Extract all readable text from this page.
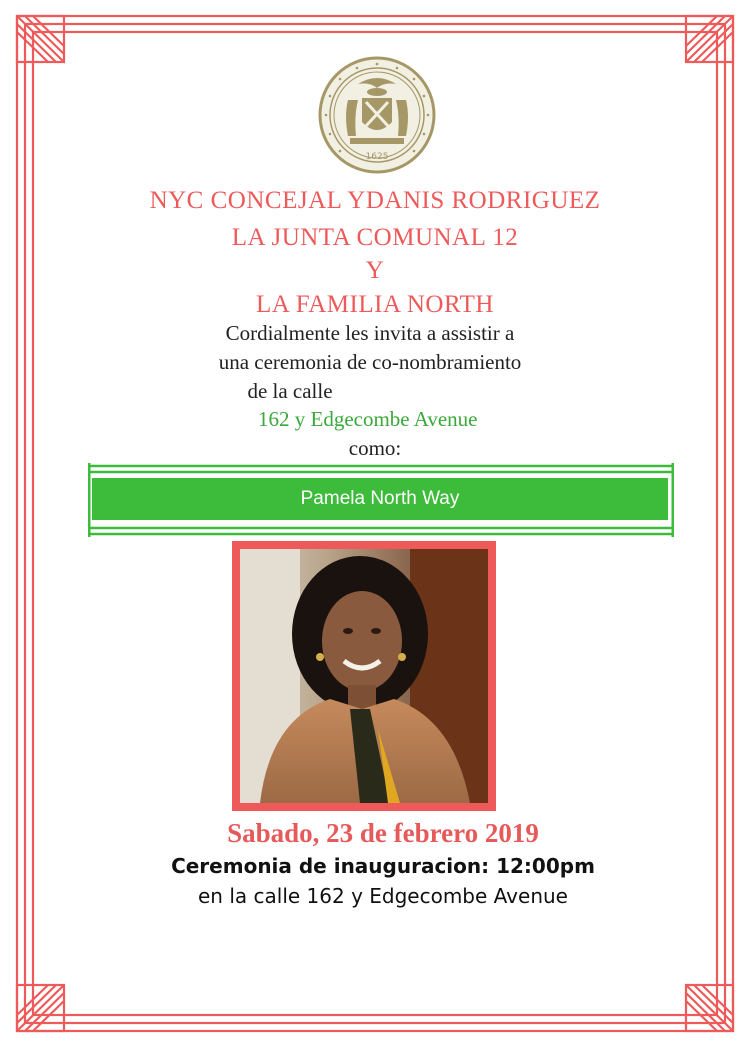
1625
NYC CONCEJAL YDANIS RODRIGUEZ
LA JUNTA COMUNAL 12
Y
LA FAMILIA NORTH
Cordialmente les invita a assistir a
una ceremonia de co-nombramiento
de la calle
162 y Edgecombe Avenue
como:
Pamela North Way
Sabado, 23 de febrero 2019
Ceremonia de inauguracion: 12:00pm
en la calle 162 y Edgecombe Avenue
